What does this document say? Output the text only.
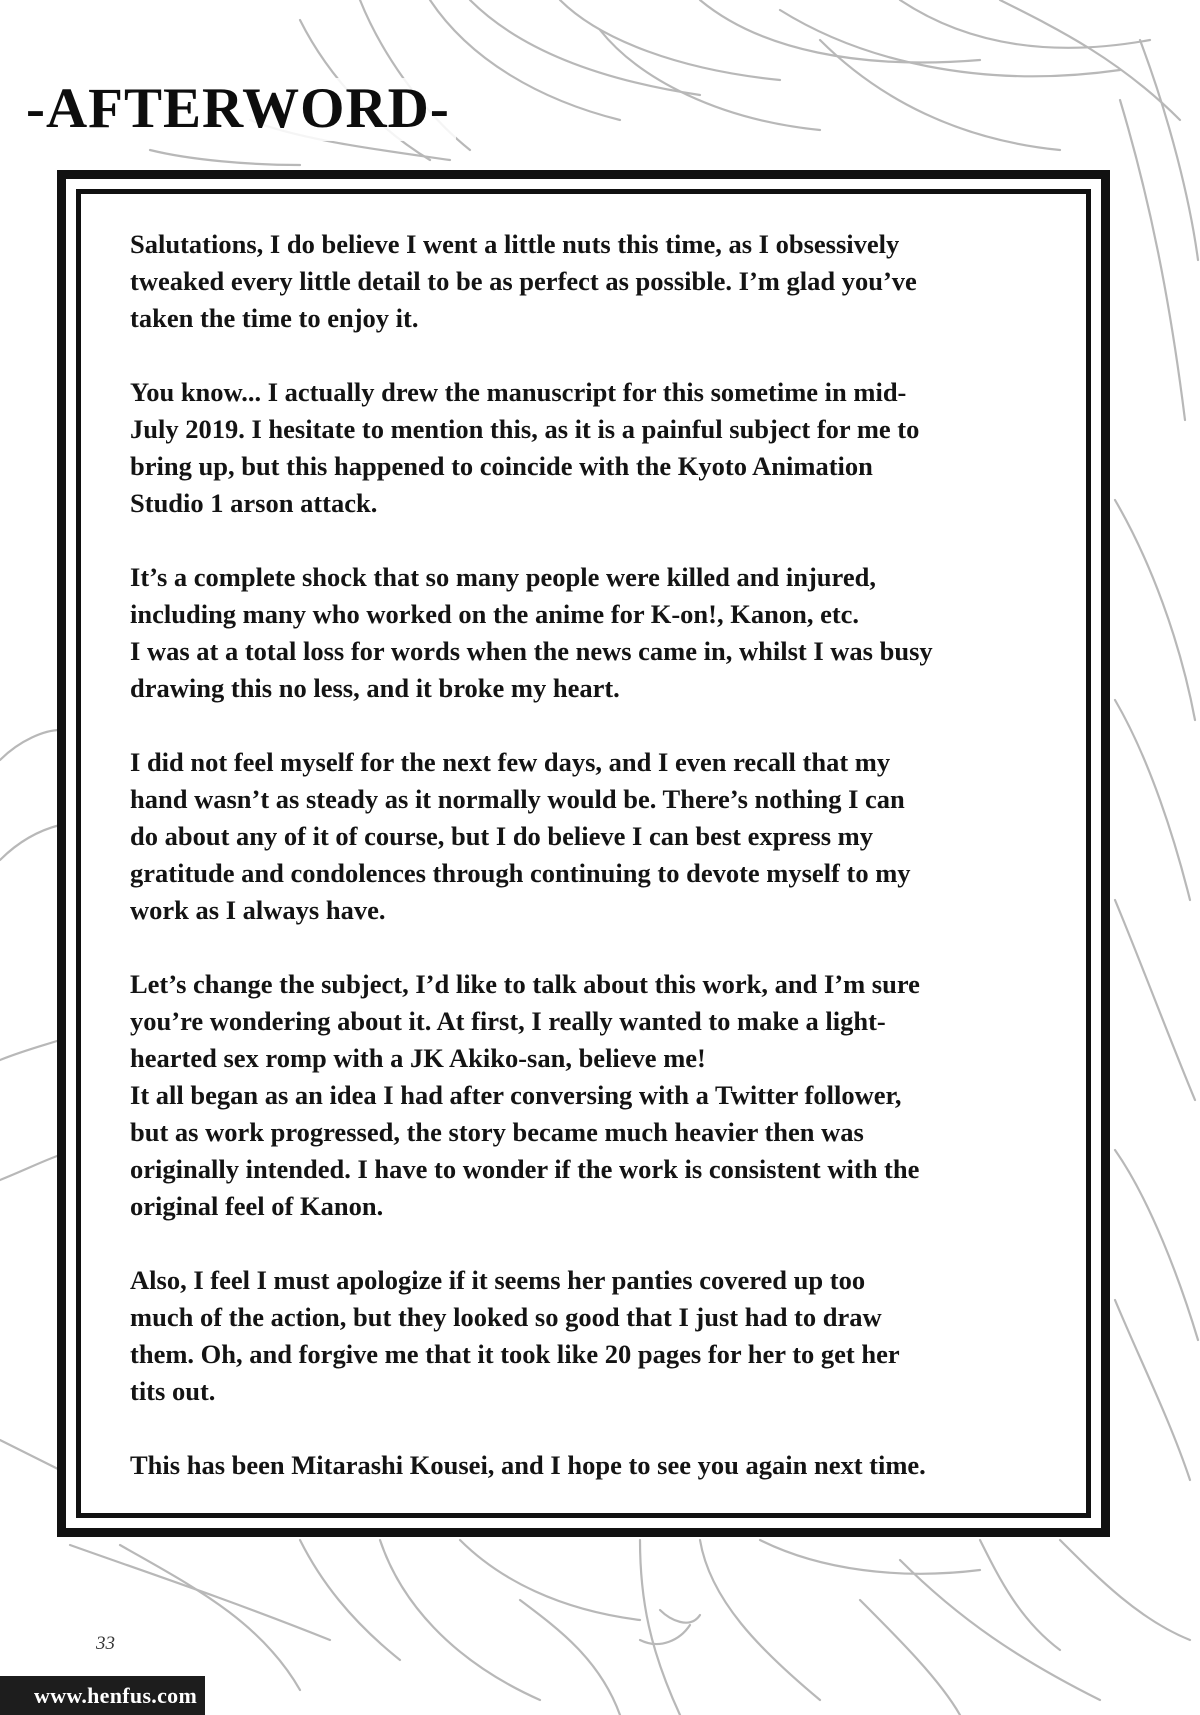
-AFTERWORD-

Salutations, I do believe I went a little nuts this time, as I obsessively
tweaked every little detail to be as perfect as possible. I’m glad you’ve
taken the time to enjoy it.

You know... I actually drew the manuscript for this sometime in mid-
July 2019. I hesitate to mention this, as it is a painful subject for me to
bring up, but this happened to coincide with the Kyoto Animation
Studio 1 arson attack.

It’s a complete shock that so many people were killed and injured,
including many who worked on the anime for K-on!, Kanon, etc.
I was at a total loss for words when the news came in, whilst I was busy
drawing this no less, and it broke my heart.

I did not feel myself for the next few days, and I even recall that my
hand wasn’t as steady as it normally would be. There’s nothing I can
do about any of it of course, but I do believe I can best express my
gratitude and condolences through continuing to devote myself to my
work as I always have.

Let’s change the subject, I’d like to talk about this work, and I’m sure
you’re wondering about it. At first, I really wanted to make a light-
hearted sex romp with a JK Akiko-san, believe me!
It all began as an idea I had after conversing with a Twitter follower,
but as work progressed, the story became much heavier then was
originally intended. I have to wonder if the work is consistent with the
original feel of Kanon.

Also, I feel I must apologize if it seems her panties covered up too
much of the action, but they looked so good that I just had to draw
them. Oh, and forgive me that it took like 20 pages for her to get her
tits out.

This has been Mitarashi Kousei, and I hope to see you again next time.

33
www.henfus.com
